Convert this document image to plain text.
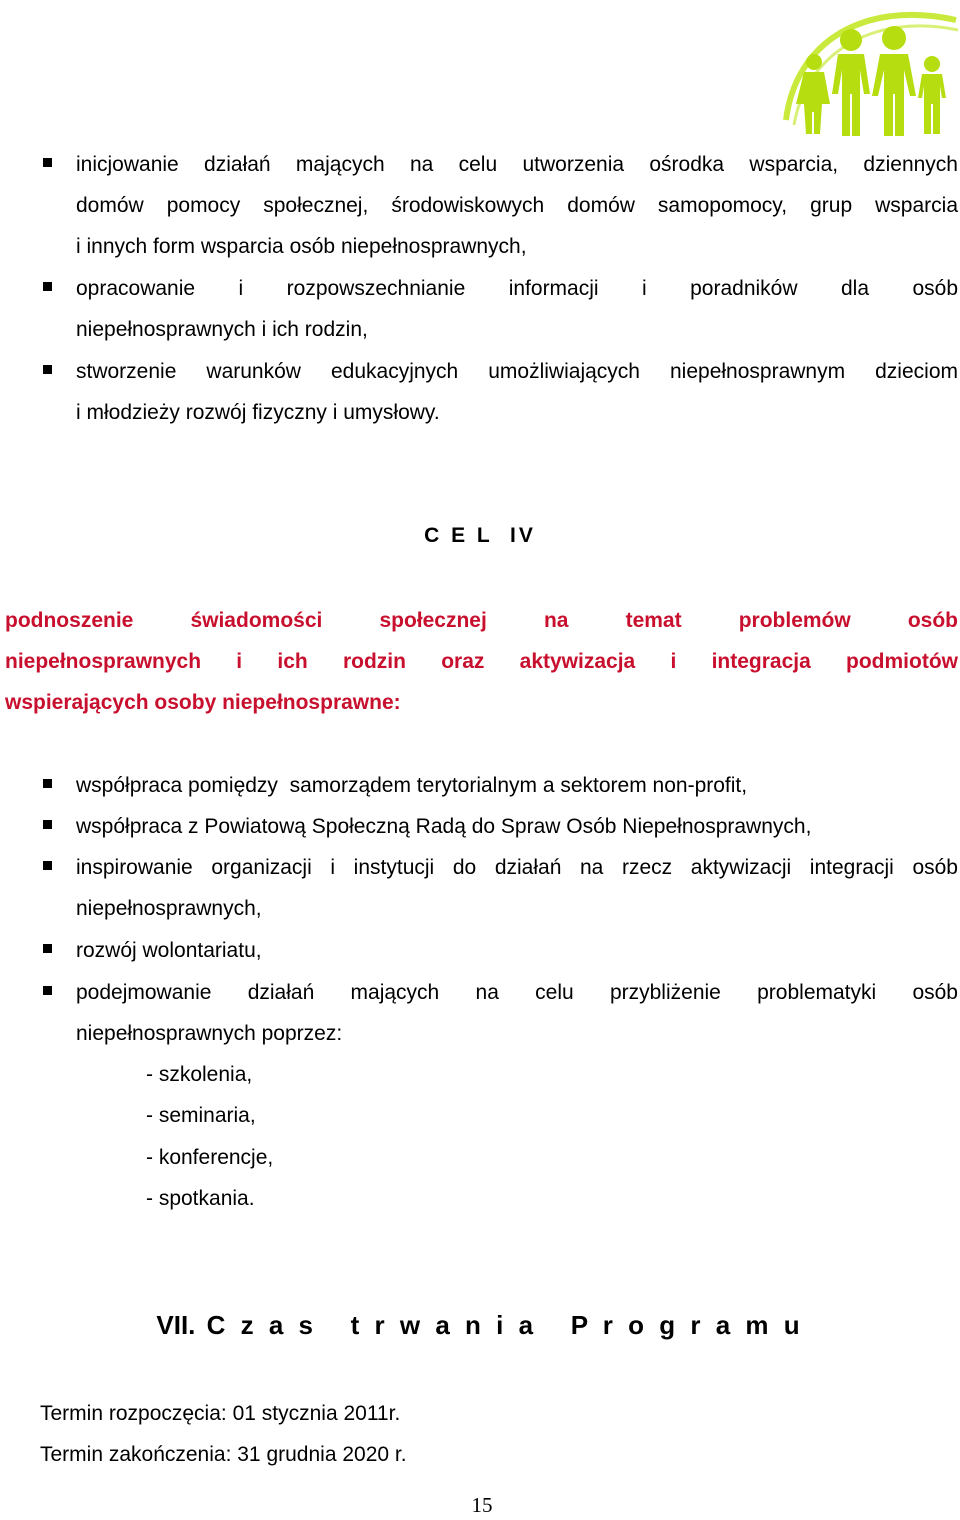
inicjowanie działań mających na celu utworzenia ośrodka wsparcia, dziennych
domów pomocy społecznej, środowiskowych domów samopomocy, grup wsparcia
i innych form wsparcia osób niepełnosprawnych,
opracowanie i rozpowszechnianie informacji i poradników dla osób
niepełnosprawnych i ich rodzin,
stworzenie warunków edukacyjnych umożliwiających niepełnosprawnym dzieciom
i młodzieży rozwój fizyczny i umysłowy.
C E L  IV
podnoszenie świadomości społecznej na temat problemów osób
niepełnosprawnych i ich rodzin oraz aktywizacja i integracja podmiotów
wspierających osoby niepełnosprawne:
współpraca pomiędzy  samorządem terytorialnym a sektorem non-profit,
współpraca z Powiatową Społeczną Radą do Spraw Osób Niepełnosprawnych,
inspirowanie organizacji i instytucji do działań na rzecz aktywizacji integracji osób
niepełnosprawnych,
rozwój wolontariatu,
podejmowanie działań mających na celu przybliżenie problematyki osób
niepełnosprawnych poprzez:
- szkolenia,
- seminaria,
- konferencje,
- spotkania.
VII. C z a s   t r w a n i a   P r o g r a m u
Termin rozpoczęcia: 01 stycznia 2011r.
Termin zakończenia: 31 grudnia 2020 r.
15
